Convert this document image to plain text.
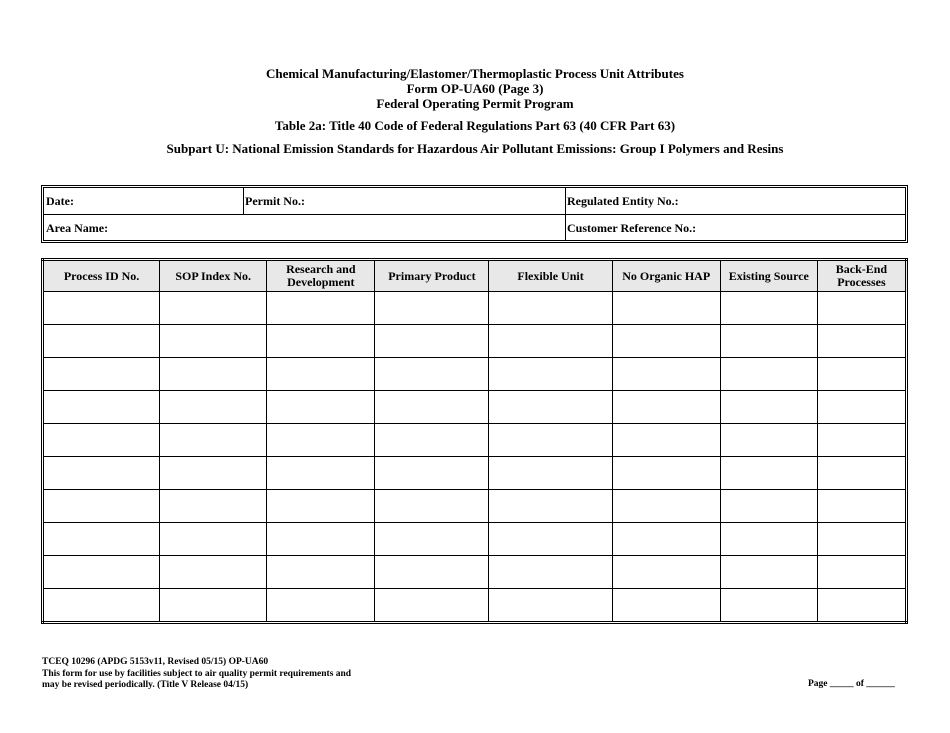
Chemical Manufacturing/Elastomer/Thermoplastic Process Unit Attributes
Form OP-UA60 (Page 3)
Federal Operating Permit Program
Table 2a: Title 40 Code of Federal Regulations Part 63 (40 CFR Part 63)
Subpart U: National Emission Standards for Hazardous Air Pollutant Emissions: Group I Polymers and Resins
Date:	Permit No.:	Regulated Entity No.:
Area Name:	Customer Reference No.:
Process ID No.	SOP Index No.	Research and Development	Primary Product	Flexible Unit	No Organic HAP	Existing Source	Back-End Processes

TCEQ 10296 (APDG 5153v11, Revised 05/15) OP-UA60
This form for use by facilities subject to air quality permit requirements and
may be revised periodically. (Title V Release 04/15)	Page _____ of ______
